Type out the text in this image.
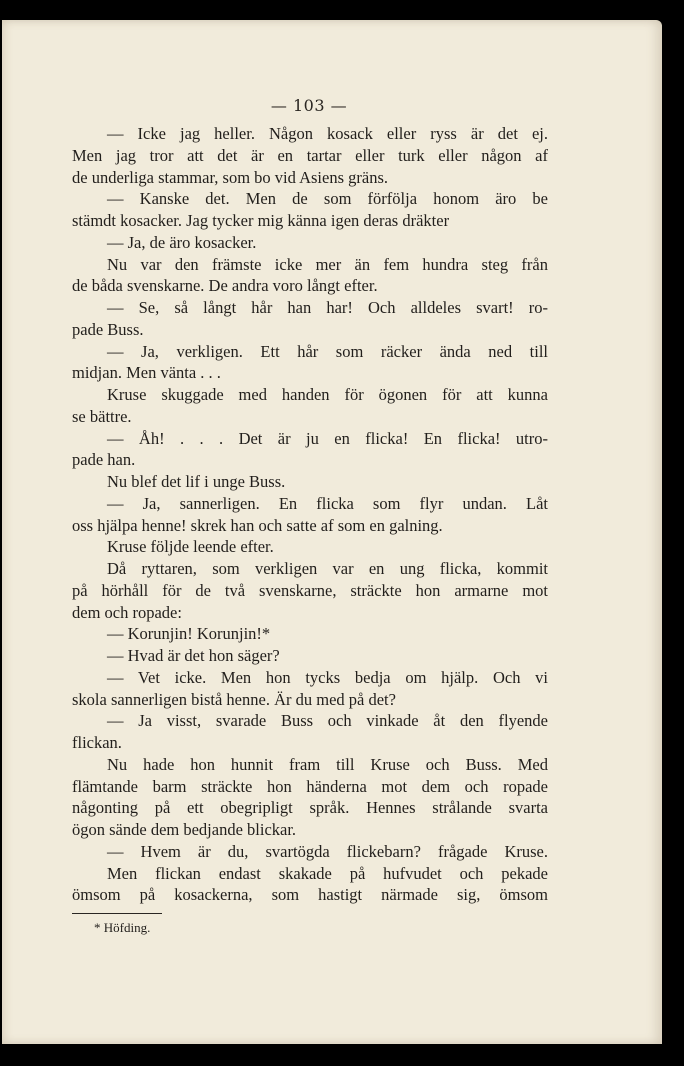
— 103 —
— Icke jag heller. Någon kosack eller ryss är det ej.
Men jag tror att det är en tartar eller turk eller någon af
de underliga stammar, som bo vid Asiens gräns.
— Kanske det. Men de som förfölja honom äro be
stämdt kosacker. Jag tycker mig känna igen deras dräkter
— Ja, de äro kosacker.
Nu var den främste icke mer än fem hundra steg från
de båda svenskarne. De andra voro långt efter.
— Se, så långt hår han har! Och alldeles svart! ro-
pade Buss.
— Ja, verkligen. Ett hår som räcker ända ned till
midjan. Men vänta . . .
Kruse skuggade med handen för ögonen för att kunna
se bättre.
— Åh! . . . Det är ju en flicka! En flicka! utro-
pade han.
Nu blef det lif i unge Buss.
— Ja, sannerligen. En flicka som flyr undan. Låt
oss hjälpa henne! skrek han och satte af som en galning.
Kruse följde leende efter.
Då ryttaren, som verkligen var en ung flicka, kommit
på hörhåll för de två svenskarne, sträckte hon armarne mot
dem och ropade:
— Korunjin! Korunjin!*
— Hvad är det hon säger?
— Vet icke. Men hon tycks bedja om hjälp. Och vi
skola sannerligen bistå henne. Är du med på det?
— Ja visst, svarade Buss och vinkade åt den flyende
flickan.
Nu hade hon hunnit fram till Kruse och Buss. Med
flämtande barm sträckte hon händerna mot dem och ropade
någonting på ett obegripligt språk. Hennes strålande svarta
ögon sände dem bedjande blickar.
— Hvem är du, svartögda flickebarn? frågade Kruse.
Men flickan endast skakade på hufvudet och pekade
ömsom på kosackerna, som hastigt närmade sig, ömsom
* Höfding.
